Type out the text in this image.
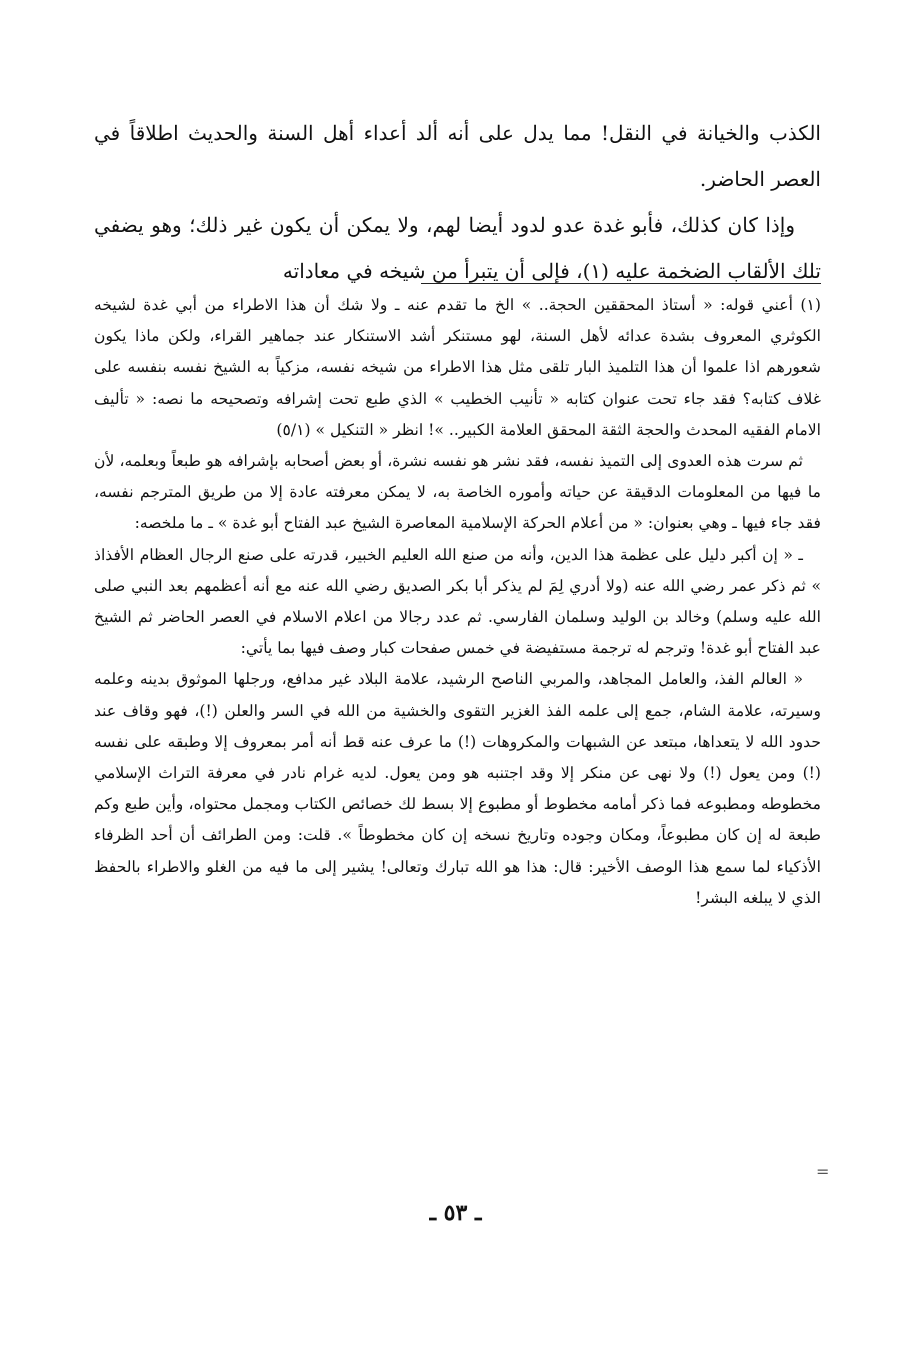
الكذب والخيانة في النقل! مما يدل على أنه ألد أعداء أهل السنة والحديث اطلاقاً في العصر الحاضر.

وإذا كان كذلك، فأبو غدة عدو لدود أيضا لهم، ولا يمكن أن يكون غير ذلك؛ وهو يضفي تلك الألقاب الضخمة عليه (١)، فإلى أن يتبرأ من شيخه في معاداته

(١) أعني قوله: « أستاذ المحققين الحجة.. » الخ ما تقدم عنه ـ ولا شك أن هذا الاطراء من أبي غدة لشيخه الكوثري المعروف بشدة عدائه لأهل السنة، لهو مستنكر أشد الاستنكار عند جماهير القراء، ولكن ماذا يكون شعورهم اذا علموا أن هذا التلميذ البار تلقى مثل هذا الاطراء من شيخه نفسه، مزكياً به الشيخ نفسه بنفسه على غلاف كتابه؟ فقد جاء تحت عنوان كتابه « تأنيب الخطيب » الذي طبع تحت إشرافه وتصحيحه ما نصه: « تأليف الامام الفقيه المحدث والحجة الثقة المحقق العلامة الكبير.. »! انظر « التنكيل » (٥/١)

ثم سرت هذه العدوى إلى التميذ نفسه، فقد نشر هو نفسه نشرة، أو بعض أصحابه بإشرافه هو طبعاً وبعلمه، لأن ما فيها من المعلومات الدقيقة عن حياته وأموره الخاصة به، لا يمكن معرفته عادة إلا من طريق المترجم نفسه، فقد جاء فيها ـ وهي بعنوان: « من أعلام الحركة الإسلامية المعاصرة الشيخ عبد الفتاح أبو غدة » ـ ما ملخصه:

ـ « إن أكبر دليل على عظمة هذا الدين، وأنه من صنع الله العليم الخبير، قدرته على صنع الرجال العظام الأفذاذ » ثم ذكر عمر رضي الله عنه (ولا أدري لِمَ لم يذكر أبا بكر الصديق رضي الله عنه مع أنه أعظمهم بعد النبي صلى الله عليه وسلم) وخالد بن الوليد وسلمان الفارسي. ثم عدد رجالا من اعلام الاسلام في العصر الحاضر ثم الشيخ عبد الفتاح أبو غدة! وترجم له ترجمة مستفيضة في خمس صفحات كبار وصف فيها بما يأتي:

« العالم الفذ، والعامل المجاهد، والمربي الناصح الرشيد، علامة البلاد غير مدافع، ورجلها الموثوق بدينه وعلمه وسيرته، علامة الشام، جمع إلى علمه الفذ الغزير التقوى والخشية من الله في السر والعلن (!)، فهو وقاف عند حدود الله لا يتعداها، مبتعد عن الشبهات والمكروهات (!) ما عرف عنه قط أنه أمر بمعروف إلا وطبقه على نفسه (!) ومن يعول (!) ولا نهى عن منكر إلا وقد اجتنبه هو ومن يعول. لديه غرام نادر في معرفة التراث الإسلامي مخطوطه ومطبوعه فما ذكر أمامه مخطوط أو مطبوع إلا بسط لك خصائص الكتاب ومجمل محتواه، وأين طبع وكم طبعة له إن كان مطبوعاً، ومكان وجوده وتاريخ نسخه إن كان مخطوطاً ». قلت: ومن الطرائف أن أحد الظرفاء الأذكياء لما سمع هذا الوصف الأخير: قال: هذا هو الله تبارك وتعالى! يشير إلى ما فيه من الغلو والاطراء بالحفظ الذي لا يبلغه البشر!

=
ـ ٥٣ ـ
